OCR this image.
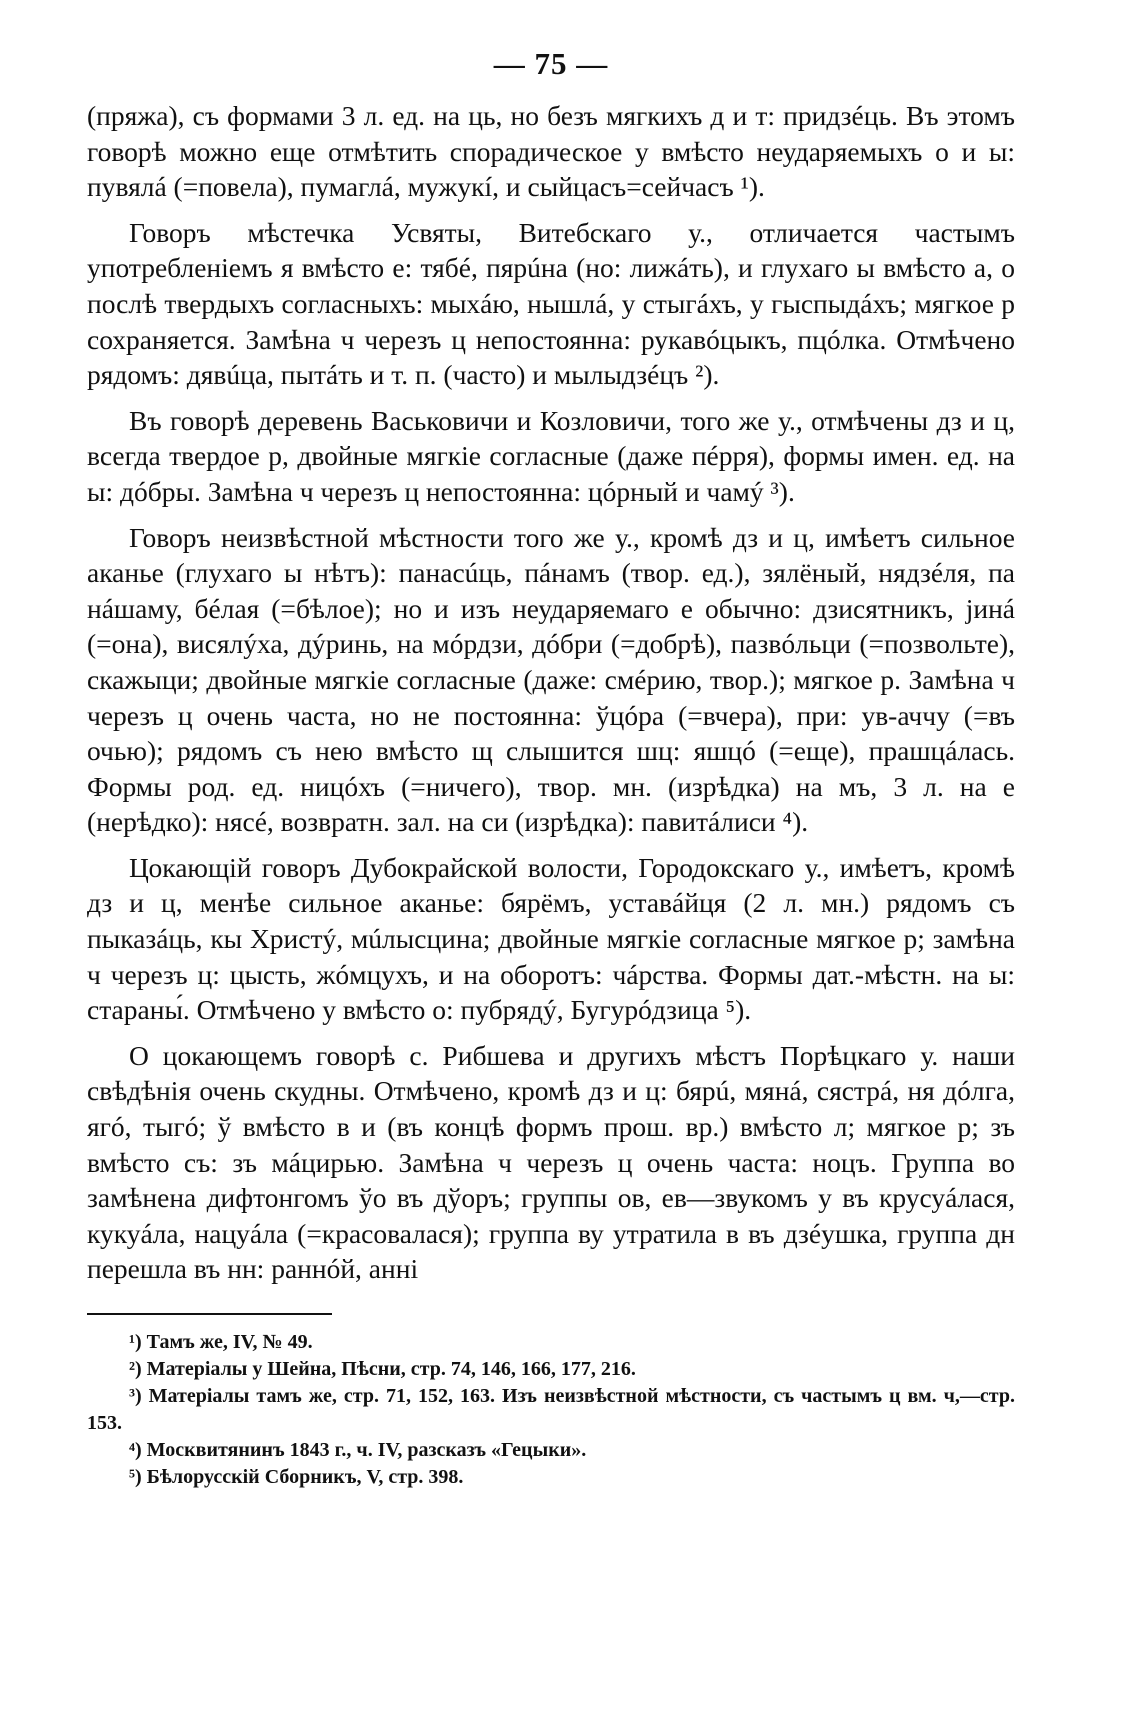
— 75 —

(пряжа), съ формами 3 л. ед. на ць, но безъ мягкихъ д и т: придзéць. Въ этомъ говорѣ можно еще отмѣтить спорадическое у вмѣсто неударяемыхъ о и ы: пувялá (=повела), пумаглá, мужукí, и сыйцасъ=сейчасъ ¹).

Говоръ мѣстечка Усвяты, Витебскаго у., отличается частымъ употребленіемъ я вмѣсто е: тябé, пярúна (но: лижáть), и глухаго ы вмѣсто а, о послѣ твердыхъ согласныхъ: мыхáю, нышлá, у стыгáхъ, у гыспыдáхъ; мягкое р сохраняется. Замѣна ч черезъ ц непостоянна: рукавóцыкъ, пцóлка. Отмѣчено рядомъ: дявúца, пытáть и т. п. (часто) и мылыдзéцъ ²).

Въ говорѣ деревень Васьковичи и Козловичи, того же у., отмѣчены дз и ц, всегда твердое р, двойные мягкіе согласные (даже пéрря), формы имен. ед. на ы: дóбры. Замѣна ч черезъ ц непостоянна: цóрный и чамý ³).

Говоръ неизвѣстной мѣстности того же у., кромѣ дз и ц, имѣетъ сильное аканье (глухаго ы нѣтъ): панасúць, пáнамъ (твор. ед.), зялёный, нядзéля, па нáшаму, бéлая (=бѣлое); но и изъ неударяемаго е обычно: дзисятникъ, јинá (=она), висялýха, дýринь, на мóрдзи, дóбри (=добрѣ), пазвóльци (=позвольте), скажыци; двойные мягкіе согласные (даже: смéрию, твор.); мягкое р. Замѣна ч черезъ ц очень часта, но не постоянна: ўцóра (=вчера), при: ув-аччу (=въ очью); рядомъ съ нею вмѣсто щ слышится шц: яшцó (=еще), прашцáлась. Формы род. ед. ницóхъ (=ничего), твор. мн. (изрѣдка) на мъ, 3 л. на е (нерѣдко): нясé, возвратн. зал. на си (изрѣдка): павитáлиси ⁴).

Цокающій говоръ Дубокрайской волости, Городокскаго у., имѣетъ, кромѣ дз и ц, менѣе сильное аканье: бярёмъ, уставáйця (2 л. мн.) рядомъ съ пыказáць, кы Христý, мúлысцина; двойные мягкіе согласные мягкое р; замѣна ч черезъ ц: цысть, жóмцухъ, и на оборотъ: чáрства. Формы дат.-мѣстн. на ы: стараны́. Отмѣчено у вмѣсто о: пубрядý, Бугурóдзица ⁵).

О цокающемъ говорѣ с. Рибшева и другихъ мѣстъ Порѣцкаго у. наши свѣдѣнія очень скудны. Отмѣчено, кромѣ дз и ц: бярú, мянá, сястрá, ня дóлга, ягó, тыгó; ў вмѣсто в и (въ концѣ формъ прош. вр.) вмѣсто л; мягкое р; зъ вмѣсто съ: зъ мáцирью. Замѣна ч черезъ ц очень часта: ноцъ. Группа во замѣнена дифтонгомъ ўо въ дўоръ; группы ов, ев—звукомъ у въ крусуáлася, кукуáла, нацуáла (=красовалася); группа ву утратила в въ дзéушка, группа дн перешла въ нн: раннóй, анні

¹) Тамъ же, IV, № 49.

²) Матеріалы у Шейна, Пѣсни, стр. 74, 146, 166, 177, 216.

³) Матеріалы тамъ же, стр. 71, 152, 163. Изъ неизвѣстной мѣстности, съ частымъ ц вм. ч,—стр. 153.

⁴) Москвитянинъ 1843 г., ч. IV, разсказъ «Гецыки».

⁵) Бѣлорусскій Сборникъ, V, стр. 398.
